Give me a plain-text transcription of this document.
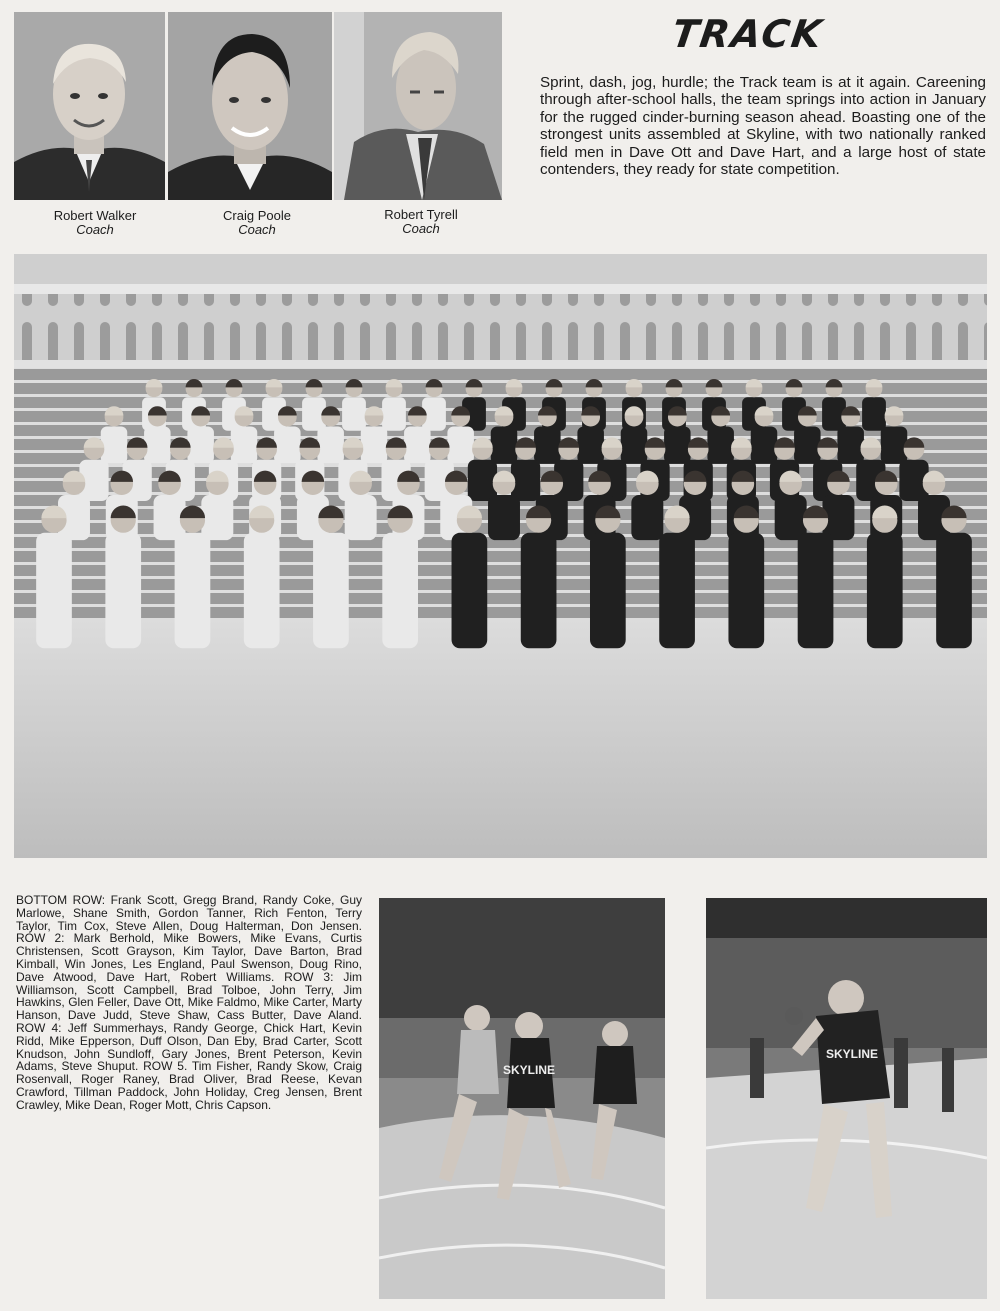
Robert Walker
Coach
Craig Poole
Coach
Robert Tyrell
Coach
TRACK

Sprint, dash, jog, hurdle; the Track team is at it again. Careening through after-school halls, the team springs into action in January for the rugged cinder-burning season ahead. Boasting one of the strongest units assembled at Skyline, with two nationally ranked field men in Dave Ott and Dave Hart, and a large host of state contenders, they ready for state competition.

BOTTOM ROW: Frank Scott, Gregg Brand, Randy Coke, Guy Marlowe, Shane Smith, Gordon Tanner, Rich Fenton, Terry Taylor, Tim Cox, Steve Allen, Doug Halterman, Don Jensen. ROW 2: Mark Berhold, Mike Bowers, Mike Evans, Curtis Christensen, Scott Grayson, Kim Taylor, Dave Barton, Brad Kimball, Win Jones, Les England, Paul Swenson, Doug Rino, Dave Atwood, Dave Hart, Robert Williams. ROW 3: Jim Williamson, Scott Campbell, Brad Tolboe, John Terry, Jim Hawkins, Glen Feller, Dave Ott, Mike Faldmo, Mike Carter, Marty Hanson, Dave Judd, Steve Shaw, Cass Butter, Dave Aland. ROW 4: Jeff Summerhays, Randy George, Chick Hart, Kevin Ridd, Mike Epperson, Duff Olson, Dan Eby, Brad Carter, Scott Knudson, John Sundloff, Gary Jones, Brent Peterson, Kevin Adams, Steve Shuput. ROW 5. Tim Fisher, Randy Skow, Craig Rosenvall, Roger Raney, Brad Oliver, Brad Reese, Kevan Crawford, Tillman Paddock, John Holiday, Creg Jensen, Brent Crawley, Mike Dean, Roger Mott, Chris Capson.

SKYLINE
SKYLINE
